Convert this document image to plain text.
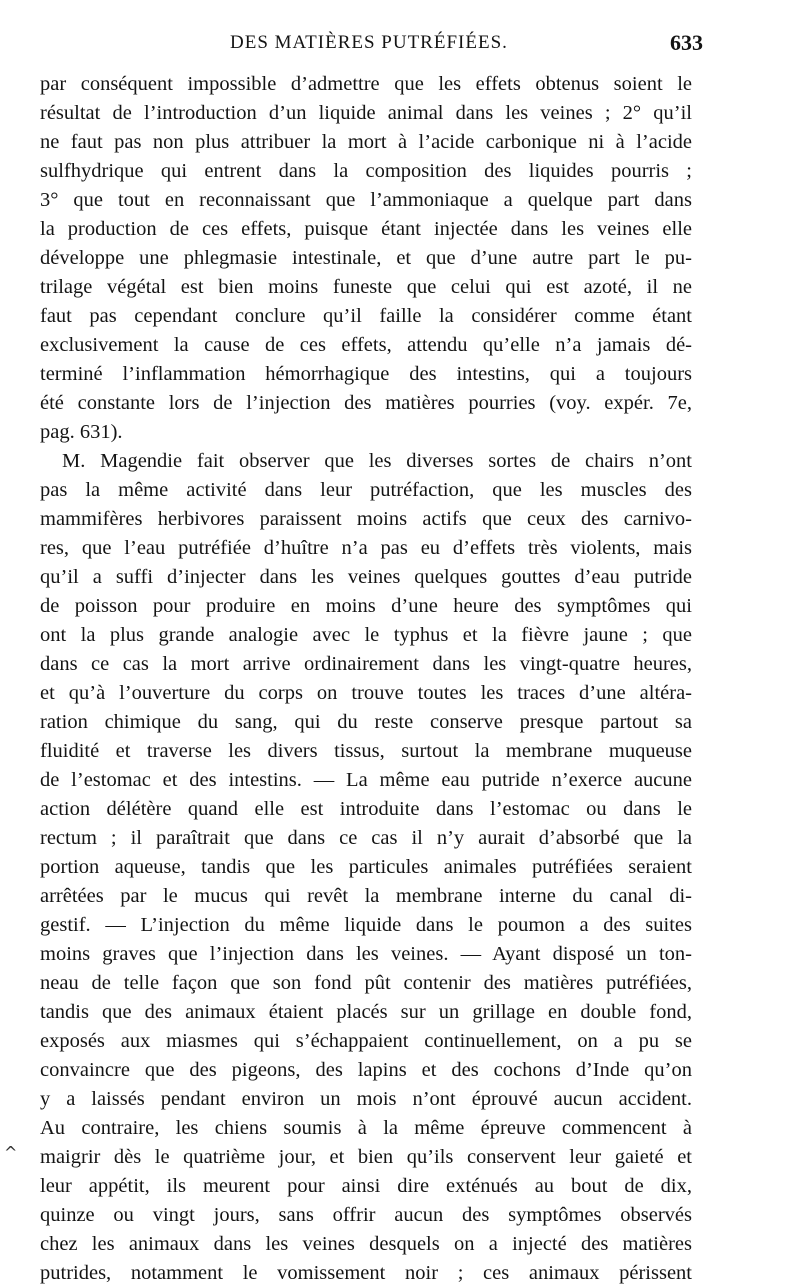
DES MATIÈRES PUTRÉFIÉES.	633
par conséquent impossible d’admettre que les effets obtenus soient le
résultat de l’introduction d’un liquide animal dans les veines ; 2° qu’il
ne faut pas non plus attribuer la mort à l’acide carbonique ni à l’acide
sulfhydrique qui entrent dans la composition des liquides pourris ;
3° que tout en reconnaissant que l’ammoniaque a quelque part dans
la production de ces effets, puisque étant injectée dans les veines elle
développe une phlegmasie intestinale, et que d’une autre part le pu-
trilage végétal est bien moins funeste que celui qui est azoté, il ne
faut pas cependant conclure qu’il faille la considérer comme étant
exclusivement la cause de ces effets, attendu qu’elle n’a jamais dé-
terminé l’inflammation hémorrhagique des intestins, qui a toujours
été constante lors de l’injection des matières pourries (voy. expér. 7e,
pag. 631).
M. Magendie fait observer que les diverses sortes de chairs n’ont
pas la même activité dans leur putréfaction, que les muscles des
mammifères herbivores paraissent moins actifs que ceux des carnivo-
res, que l’eau putréfiée d’huître n’a pas eu d’effets très violents, mais
qu’il a suffi d’injecter dans les veines quelques gouttes d’eau putride
de poisson pour produire en moins d’une heure des symptômes qui
ont la plus grande analogie avec le typhus et la fièvre jaune ; que
dans ce cas la mort arrive ordinairement dans les vingt-quatre heures,
et qu’à l’ouverture du corps on trouve toutes les traces d’une altéra-
ration chimique du sang, qui du reste conserve presque partout sa
fluidité et traverse les divers tissus, surtout la membrane muqueuse
de l’estomac et des intestins. — La même eau putride n’exerce aucune
action délétère quand elle est introduite dans l’estomac ou dans le
rectum ; il paraîtrait que dans ce cas il n’y aurait d’absorbé que la
portion aqueuse, tandis que les particules animales putréfiées seraient
arrêtées par le mucus qui revêt la membrane interne du canal di-
gestif. — L’injection du même liquide dans le poumon a des suites
moins graves que l’injection dans les veines. — Ayant disposé un ton-
neau de telle façon que son fond pût contenir des matières putréfiées,
tandis que des animaux étaient placés sur un grillage en double fond,
exposés aux miasmes qui s’échappaient continuellement, on a pu se
convaincre que des pigeons, des lapins et des cochons d’Inde qu’on
y a laissés pendant environ un mois n’ont éprouvé aucun accident.
Au contraire, les chiens soumis à la même épreuve commencent à
maigrir dès le quatrième jour, et bien qu’ils conservent leur gaieté et
leur appétit, ils meurent pour ainsi dire exténués au bout de dix,
quinze ou vingt jours, sans offrir aucun des symptômes observés
chez les animaux dans les veines desquels on a injecté des matières
putrides, notamment le vomissement noir ; ces animaux périssent
^
